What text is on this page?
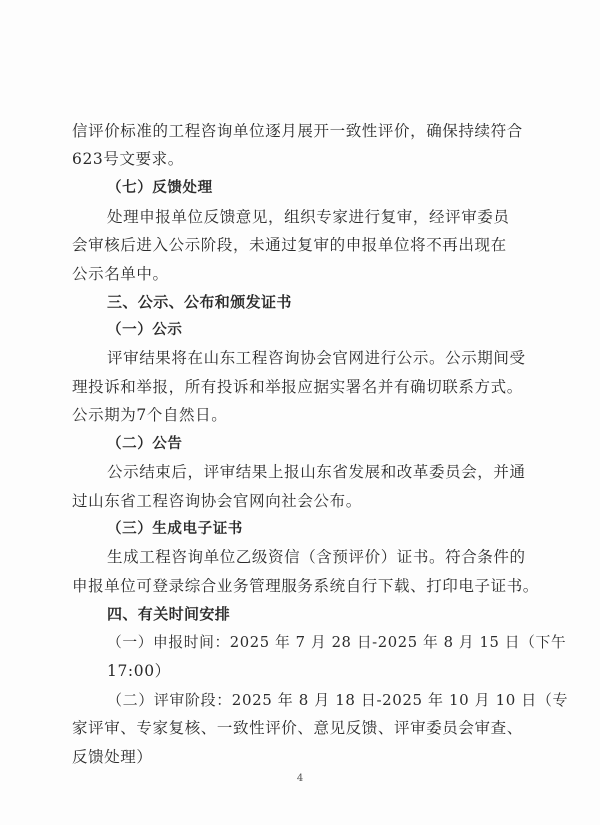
信评价标准的工程咨询单位逐月展开一致性评价，确保持续符合
623号文要求。
（七）反馈处理
处理申报单位反馈意见，组织专家进行复审，经评审委员
会审核后进入公示阶段，未通过复审的申报单位将不再出现在
公示名单中。
三、公示、公布和颁发证书
（一）公示
评审结果将在山东工程咨询协会官网进行公示。公示期间受
理投诉和举报，所有投诉和举报应据实署名并有确切联系方式。
公示期为7个自然日。
（二）公告
公示结束后，评审结果上报山东省发展和改革委员会，并通
过山东省工程咨询协会官网向社会公布。
（三）生成电子证书
生成工程咨询单位乙级资信（含预评价）证书。符合条件的
申报单位可登录综合业务管理服务系统自行下载、打印电子证书。
四、有关时间安排
（一）申报时间：2025 年 7 月 28 日-2025 年 8 月 15 日（下午
17:00）
（二）评审阶段：2025 年 8 月 18 日-2025 年 10 月 10 日（专
家评审、专家复核、一致性评价、意见反馈、评审委员会审查、
反馈处理）
4
